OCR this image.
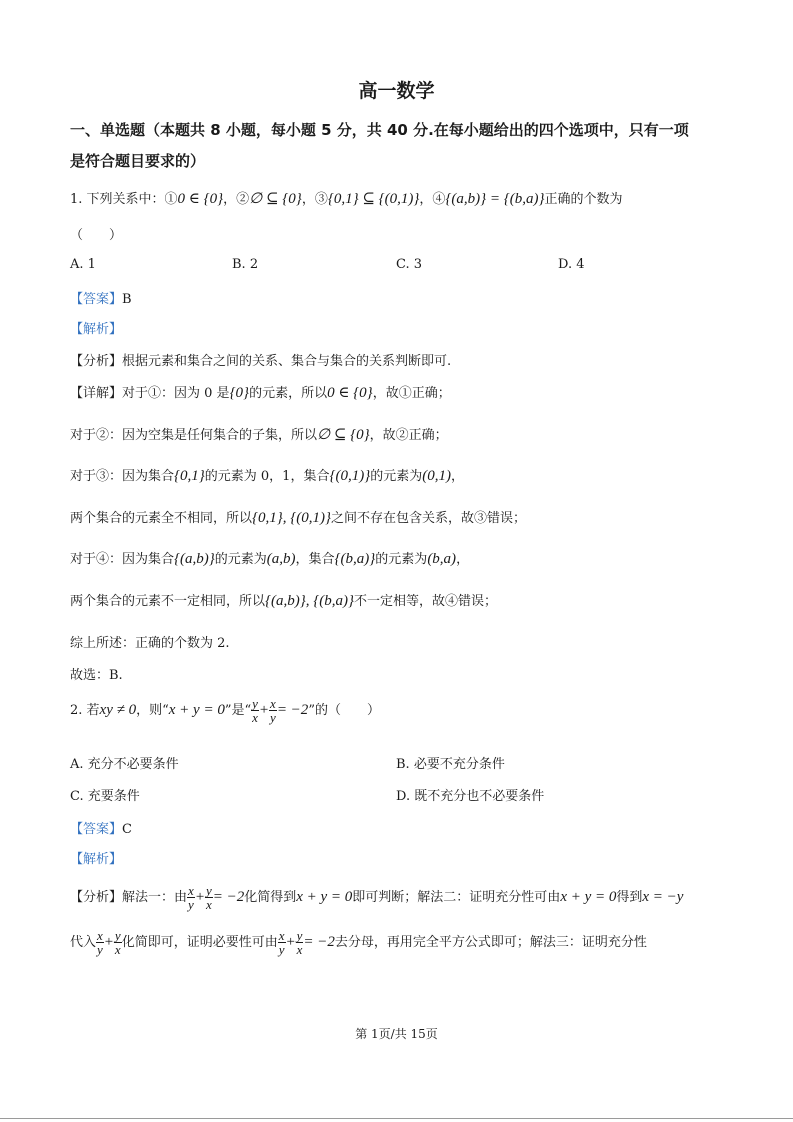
高一数学
一、单选题（本题共 8 小题，每小题 5 分，共 40 分.在每小题给出的四个选项中，只有一项
是符合题目要求的）
1. 下列关系中：①0 ∈ {0}，②∅ ⊆ {0}，③{0,1} ⊆ {(0,1)}，④{(a,b)} = {(b,a)}正确的个数为
（　　）
A. 1	B. 2	C. 3	D. 4
【答案】B
【解析】
【分析】根据元素和集合之间的关系、集合与集合的关系判断即可.
【详解】对于①：因为 0 是{0}的元素，所以0 ∈ {0}，故①正确；
对于②：因为空集是任何集合的子集，所以∅ ⊆ {0}，故②正确；
对于③：因为集合{0,1}的元素为 0，1，集合{(0,1)}的元素为(0,1)，
两个集合的元素全不相同，所以{0,1}, {(0,1)}之间不存在包含关系，故③错误；
对于④：因为集合{(a,b)}的元素为(a,b)，集合{(b,a)}的元素为(b,a)，
两个集合的元素不一定相同，所以{(a,b)}, {(b,a)}不一定相等，故④错误；
综上所述：正确的个数为 2.
故选：B.
2. 若xy ≠ 0，则“x + y = 0”是“ $\frac{y}{x} + \frac{x}{y} = -2$”的（　　）
A. 充分不必要条件	B. 必要不充分条件
C. 充要条件	D. 既不充分也不必要条件
【答案】C
【解析】
【分析】解法一：由 $\frac{x}{y} + \frac{y}{x} = -2$化简得到x + y = 0即可判断；解法二：证明充分性可由x + y = 0得到x = −y
代入 $\frac{x}{y} + \frac{y}{x}$ 化简即可，证明必要性可由 $\frac{x}{y} + \frac{y}{x} = -2$去分母，再用完全平方公式即可；解法三：证明充分性
第 1页/共 15页
